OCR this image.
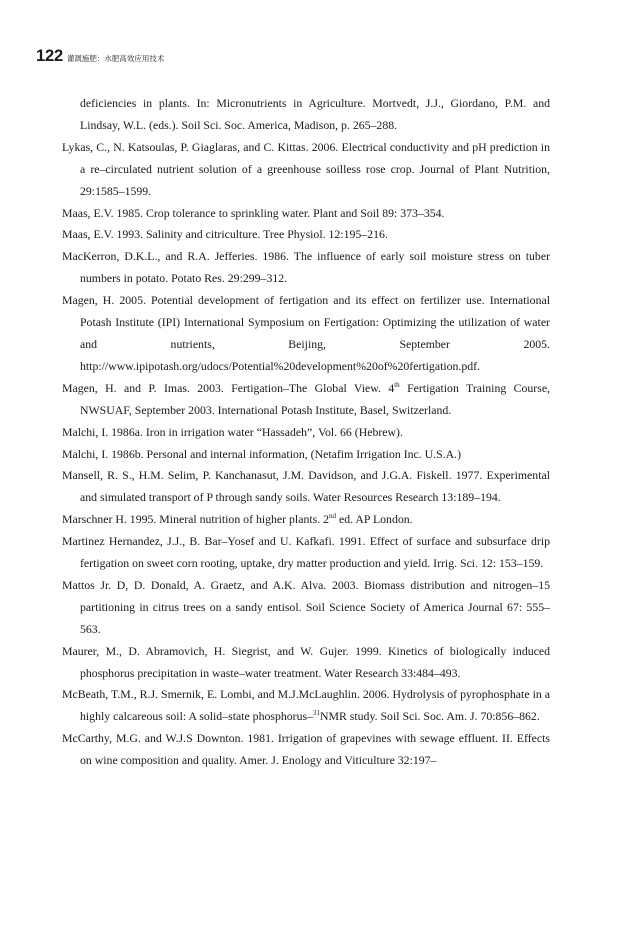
122 灌溉施肥：水肥高效应用技术
deficiencies in plants. In: Micronutrients in Agriculture. Mortvedt, J.J., Giordano, P.M. and Lindsay, W.L. (eds.). Soil Sci. Soc. America, Madison, p. 265–288.
Lykas, C., N. Katsoulas, P. Giaglaras, and C. Kittas. 2006. Electrical conductivity and pH prediction in a re–circulated nutrient solution of a greenhouse soilless rose crop. Journal of Plant Nutrition, 29:1585–1599.
Maas, E.V. 1985. Crop tolerance to sprinkling water. Plant and Soil 89: 373–354.
Maas, E.V. 1993. Salinity and citriculture. Tree Physiol. 12:195–216.
MacKerron, D.K.L., and R.A. Jefferies. 1986. The influence of early soil moisture stress on tuber numbers in potato. Potato Res. 29:299–312.
Magen, H. 2005. Potential development of fertigation and its effect on fertilizer use. International Potash Institute (IPI) International Symposium on Fertigation: Optimizing the utilization of water and nutrients, Beijing, September 2005. http://www.ipipotash.org/udocs/Potential%20development%20of%20fertigation.pdf.
Magen, H. and P. Imas. 2003. Fertigation–The Global View. 4th Fertigation Training Course, NWSUAF, September 2003. International Potash Institute, Basel, Switzerland.
Malchi, I. 1986a. Iron in irrigation water “Hassadeh”, Vol. 66 (Hebrew).
Malchi, I. 1986b. Personal and internal information, (Netafim Irrigation Inc. U.S.A.)
Mansell, R. S., H.M. Selim, P. Kanchanasut, J.M. Davidson, and J.G.A. Fiskell. 1977. Experimental and simulated transport of P through sandy soils. Water Resources Research 13:189–194.
Marschner H. 1995. Mineral nutrition of higher plants. 2nd ed. AP London.
Martinez Hernandez, J.J., B. Bar–Yosef and U. Kafkafi. 1991. Effect of surface and subsurface drip fertigation on sweet corn rooting, uptake, dry matter production and yield. Irrig. Sci. 12: 153–159.
Mattos Jr. D, D. Donald, A. Graetz, and A.K. Alva. 2003. Biomass distribution and nitrogen–15 partitioning in citrus trees on a sandy entisol. Soil Science Society of America Journal 67: 555–563.
Maurer, M., D. Abramovich, H. Siegrist, and W. Gujer. 1999. Kinetics of biologically induced phosphorus precipitation in waste–water treatment. Water Research 33:484–493.
McBeath, T.M., R.J. Smernik, E. Lombi, and M.J.McLaughlin. 2006. Hydrolysis of pyrophosphate in a highly calcareous soil: A solid–state phosphorus–$^{31}$NMR study. Soil Sci. Soc. Am. J. 70:856–862.
McCarthy, M.G. and W.J.S Downton. 1981. Irrigation of grapevines with sewage effluent. II. Effects on wine composition and quality. Amer. J. Enology and Viticulture 32:197–
